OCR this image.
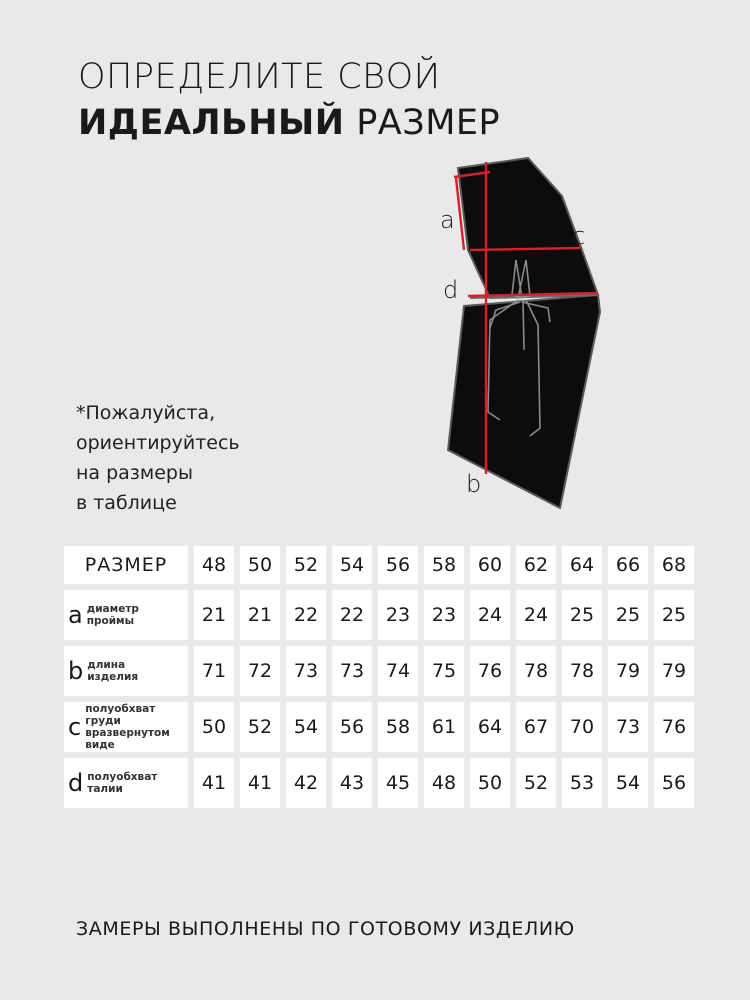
ОПРЕДЕЛИТЕ СВОЙ
ИДЕАЛЬНЫЙ РАЗМЕР
*Пожалуйста,
ориентируйтесь
на размеры
в таблице
a
c
d
b
РАЗМЕР	48	50	52	54	56	58	60	62	64	66	68
a диаметр
проймы	21	21	22	22	23	23	24	24	25	25	25
b длина
изделия	71	72	73	73	74	75	76	78	78	79	79
c
полуобхват
груди
вразвернутом
виде
50	52	54	56	58	61	64	67	70	73	76
d полуобхват
талии	41	41	42	43	45	48	50	52	53	54	56
ЗАМЕРЫ ВЫПОЛНЕНЫ ПО ГОТОВОМУ ИЗДЕЛИЮ
